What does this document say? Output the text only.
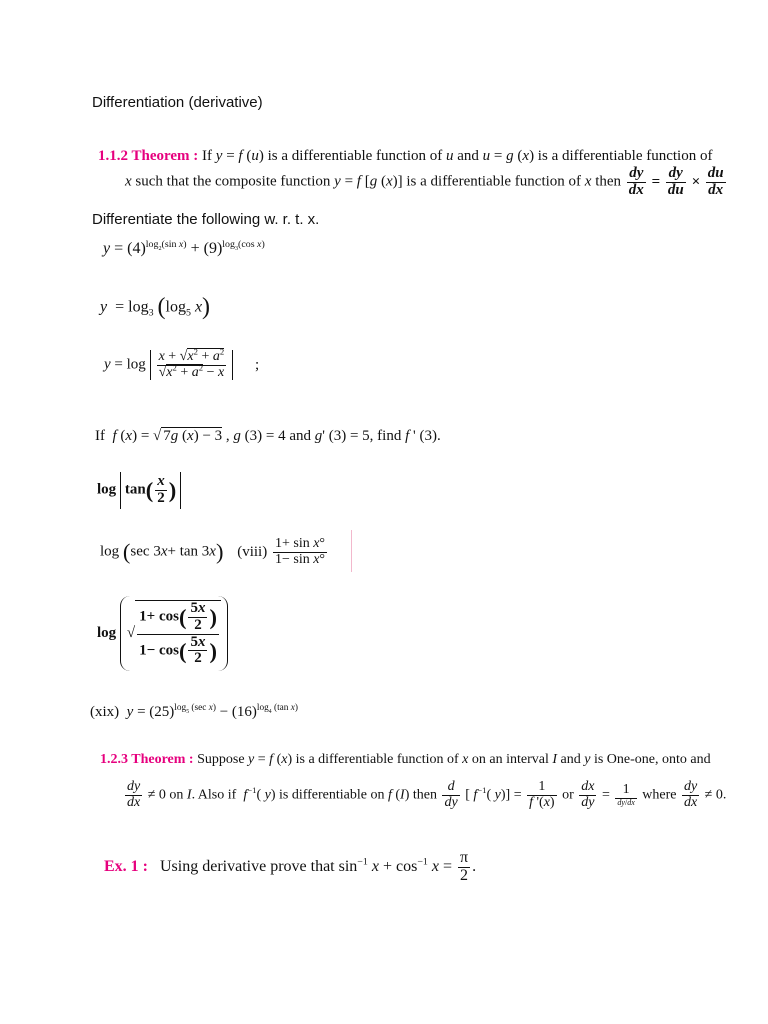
Differentiation (derivative)
1.1.2 Theorem : If y = f (u) is a differentiable function of u and u = g (x) is a differentiable function of
x such that the composite function y = f [g (x)] is a differentiable function of x then $\frac{dy}{dx} = \frac{dy}{du} \times \frac{du}{dx}$
Differentiate the following w. r. t. x.
$y = (4)^{log_2(sin x)} + (9)^{log_3(cos x)}$
$y = \log_3 (\log_5$ x)
$y = \log \frac{x + √x^2 + a^2}{√x^2 + a^2 - x}$ ;
If  f (x) = √ 7g (x) − 3 , g (3) = 4 and g' (3) = 5, find f ' (3).
$\log \tan( \frac{x}{2}$ )
log (sec 3x+ tan 3x) (viii) $\frac{\text{1+ sin x°}}{\text{1− sin x°}}$
log √ $\frac{1+ \cos( \frac{5x}{2} )}{1- \cos( \frac{5x}{2} )}$
(xix)  $y = (25)^{log_5 (sec x)} - (16)^{log_4 (tan x)}$
1.2.3 Theorem : Suppose y = f (x) is a differentiable function of x on an interval I and y is One-one, onto and
$\frac{dy}{dx} \ne 0$ on I. Also if  $f^{-1}$( y) is differentiable on f (I) then $\frac{d}{dy}$ [ $f^{-1}$( $y)] = \frac{1}{f '(x)}$ or $\frac{dx}{dy} = \frac{1}{dy/dx}$ where $\frac{dy}{dx} \ne 0$.
Ex. 1 :   Using derivative prove that $\sin^{-1} x + \cos^{-1} x = \frac{\pi}{2}$ .
